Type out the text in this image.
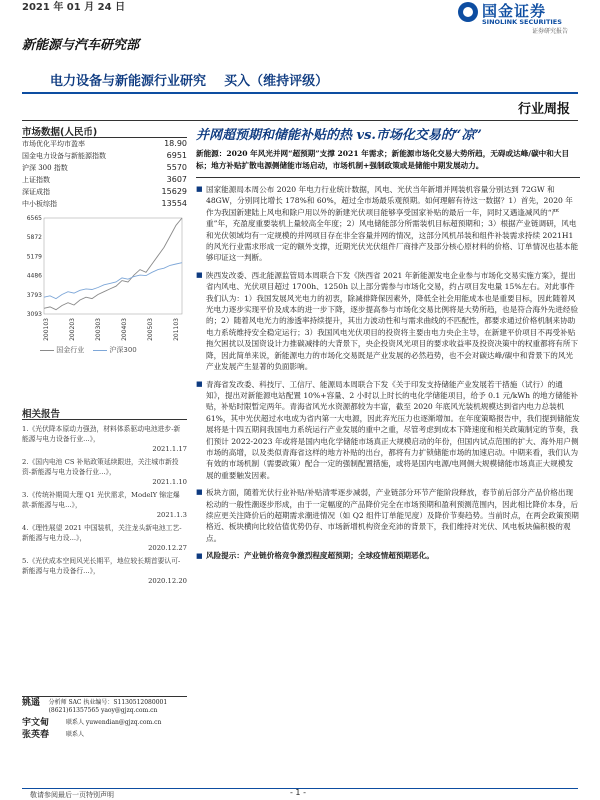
2021 年 01 月 24 日	国金证券
SINOLINK SECURITIES
证券研究报告
新能源与汽车研究部
电力设备与新能源行业研究 买入（维持评级）
行业周报
市场数据(人民币)
市场优化平均市盈率	18.90
国金电力设备与新能源指数	6951
沪深 300 指数	5570
上证指数	3607
深证成指	15629
中小板综指	13554
6565
5872
5179
4486
3793
3093
200103	200203	200303	200403	200503	201103
国金行业	沪深300
相关报告
1.《光伏降本原动力强劲，材料体系驱动电池进步-新能源与电力设备行业...》，
2021.1.17
2.《国内电池 CS 补贴政策延续跟进，关注城市新投资-新能源与电力设备行业...》，
2021.1.10
3.《传统补期周大理 Q1 光伏需求，ModelY 锦定爆款-新能源与电...》，
2021.1.3
4.《理性展望 2021 中国装机，关注龙头新电池工艺-新能源与电力设...》，
2020.12.27
5.《光伏成本空间风光长期平，地位较长期首要认可-新能源与电力设备行...》，
2020.12.20
姚遥	分析师 SAC 执业编号：S1130512080001 (8621)61357565 yaoy@gjzq.com.cn
宇文甸	联系人 yuwendian@gjzq.com.cn
张英春	联系人
并网超预期和储能补贴的热 vs.市场化交易的“凉”
新能源：2020 年风光并网“超预期”支撑 2021 年需求；新能源市场化交易大势所趋，无碍或达峰/碳中和大目标；地方补贴扩散电源侧储能市场启动，市场机制+强制政策或是储能中期发展动力。
■ 国家能源局本周公布 2020 年电力行业统计数据，风电、光伏当年新增并网装机容量分别达到 72GW 和 48GW，分别同比增长 178%和 60%，超过全市场最乐观预期。如何理解有待这一数据？1）首先，2020 年作为我国新建陆上风电和除户用以外的新建光伏项目能够享受国家补贴的最后一年，同时又遇逢减风的“严重”年，充盈度重要装机上量较高全年度；2）风电储能部分所需装机目标超预期和；3）根据产业链调研，风电和光伏领域均有一定规模的并网项目存在非全容量并网的情况，这部分风机吊装和组件补装需求持续 2021H1 的风光行业需求形成一定的额外支撑，近期光伏光伏组件厂商排产及部分核心原材料的价格、订单情况也基本能够印证这一判断。
■ 陕西发改委、西北能源监管局本周联合下发《陕西省 2021 年新能源发电企业参与市场化交易实施方案》，提出省内风电、光伏项目超过 1700h、1250h 以上部分需参与市场化交易，约占项目发电量 15%左右。对此事件我们认为：1）我国发展风光电力的初衷，除减排降保因素外，降低全社会用能成本也是重要目标，因此随着风光电力逐步实现平价及成本的进一步下降，逐步提高参与市场化交易比例将是大势所趋，也是符合海外先进经验的；2）随着风电光力的渗透率持续提升，其出力波动性和与需求曲线的不匹配性，都要求通过价格机制来协助电力系统维持安全稳定运行；3）我国风电光伏项目的投资将主要由电力央企主导，在新建平价项目不再受补贴拖欠困扰以及国资设计力推碳减排的大背景下，央企投资风光项目的要求收益率及投资决策中的权重都将有所下降，因此简单来说，新能源电力的市场化交易既是产业发展的必然趋势，也不会对碳达峰/碳中和背景下的风光产业发展产生显著的负面影响。
■ 青海省发改委、科技厅、工信厅、能源局本周联合下发《关于印发支持储能产业发展若干措施（试行）的通知》，提出对新能源电站配置 10%+容量、2 小时以上时长的电化学储能项目，给予 0.1 元/kWh 的地方储能补贴，补贴时限暂定两年。青海省风光水资源都较为丰富，截至 2020 年底风光装机规模达到省内电力总装机 61%，其中光伏超过水电成为省内第一大电源，因此弃光压力也逐渐增加。在年度策略报告中，我们提到储能发展将是十四五期间我国电力系统运行产业发展的重中之重，尽管考虑到成本下降速度和相关政策制定的节奏，我们预计 2022-2023 年或将是国内电化学储能市场真正大规模启动的年份，但国内试点范围的扩大、海外用户侧市场的高增，以及类似青海省这样的地方补贴的出台，都将有力扩锁储能市场的加速启动。中期来看，我们认为有效的市场机制（需要政策）配合一定的强制配置措施，或将是国内电源/电网侧大规模储能市场真正大规模发展的重要触发因素。
■ 板块方面，随着光伏行业补贴/补贴清零逐步减弱，产业链部分环节产能阶段释放，春节前后部分产品价格出现松动的一般性潮逐步形成，由于一定幅度的产品降价完全在市场预期和盈利预测范围内，因此相比降价本身，后续应更关注降价后的超期需求潮进情况（如 Q2 组件订单能见度）及降价节奏趋势。当前时点，在两会政策预期格近、板块横向比较估值优势仍存、市场新增机构资金充沛的背景下，我们维持对光伏、风电板块偏积极的观点。
■ 风险提示：产业链价格竞争激烈程度超预期；全球疫情超预期恶化。
敬请参阅最后一页特别声明	- 1 -
